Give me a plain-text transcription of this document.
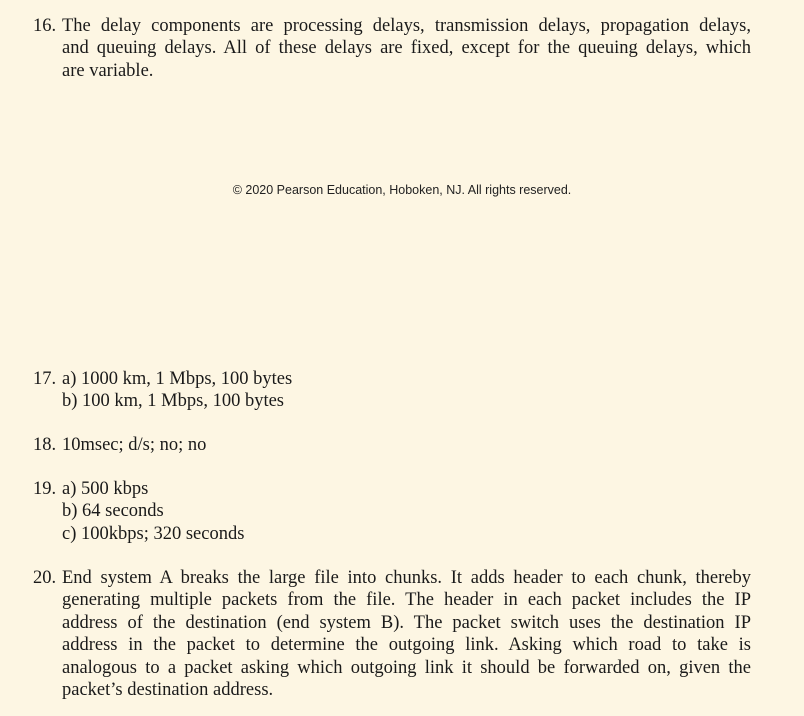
16. The delay components are processing delays, transmission delays, propagation delays,
and queuing delays. All of these delays are fixed, except for the queuing delays, which
are variable.
© 2020 Pearson Education, Hoboken, NJ. All rights reserved.
17. a) 1000 km, 1 Mbps, 100 bytes
b) 100 km, 1 Mbps, 100 bytes
18. 10msec; d/s; no; no
19. a) 500 kbps
b) 64 seconds
c) 100kbps; 320 seconds
20. End system A breaks the large file into chunks. It adds header to each chunk, thereby
generating multiple packets from the file. The header in each packet includes the IP
address of the destination (end system B). The packet switch uses the destination IP
address in the packet to determine the outgoing link. Asking which road to take is
analogous to a packet asking which outgoing link it should be forwarded on, given the
packet’s destination address.
